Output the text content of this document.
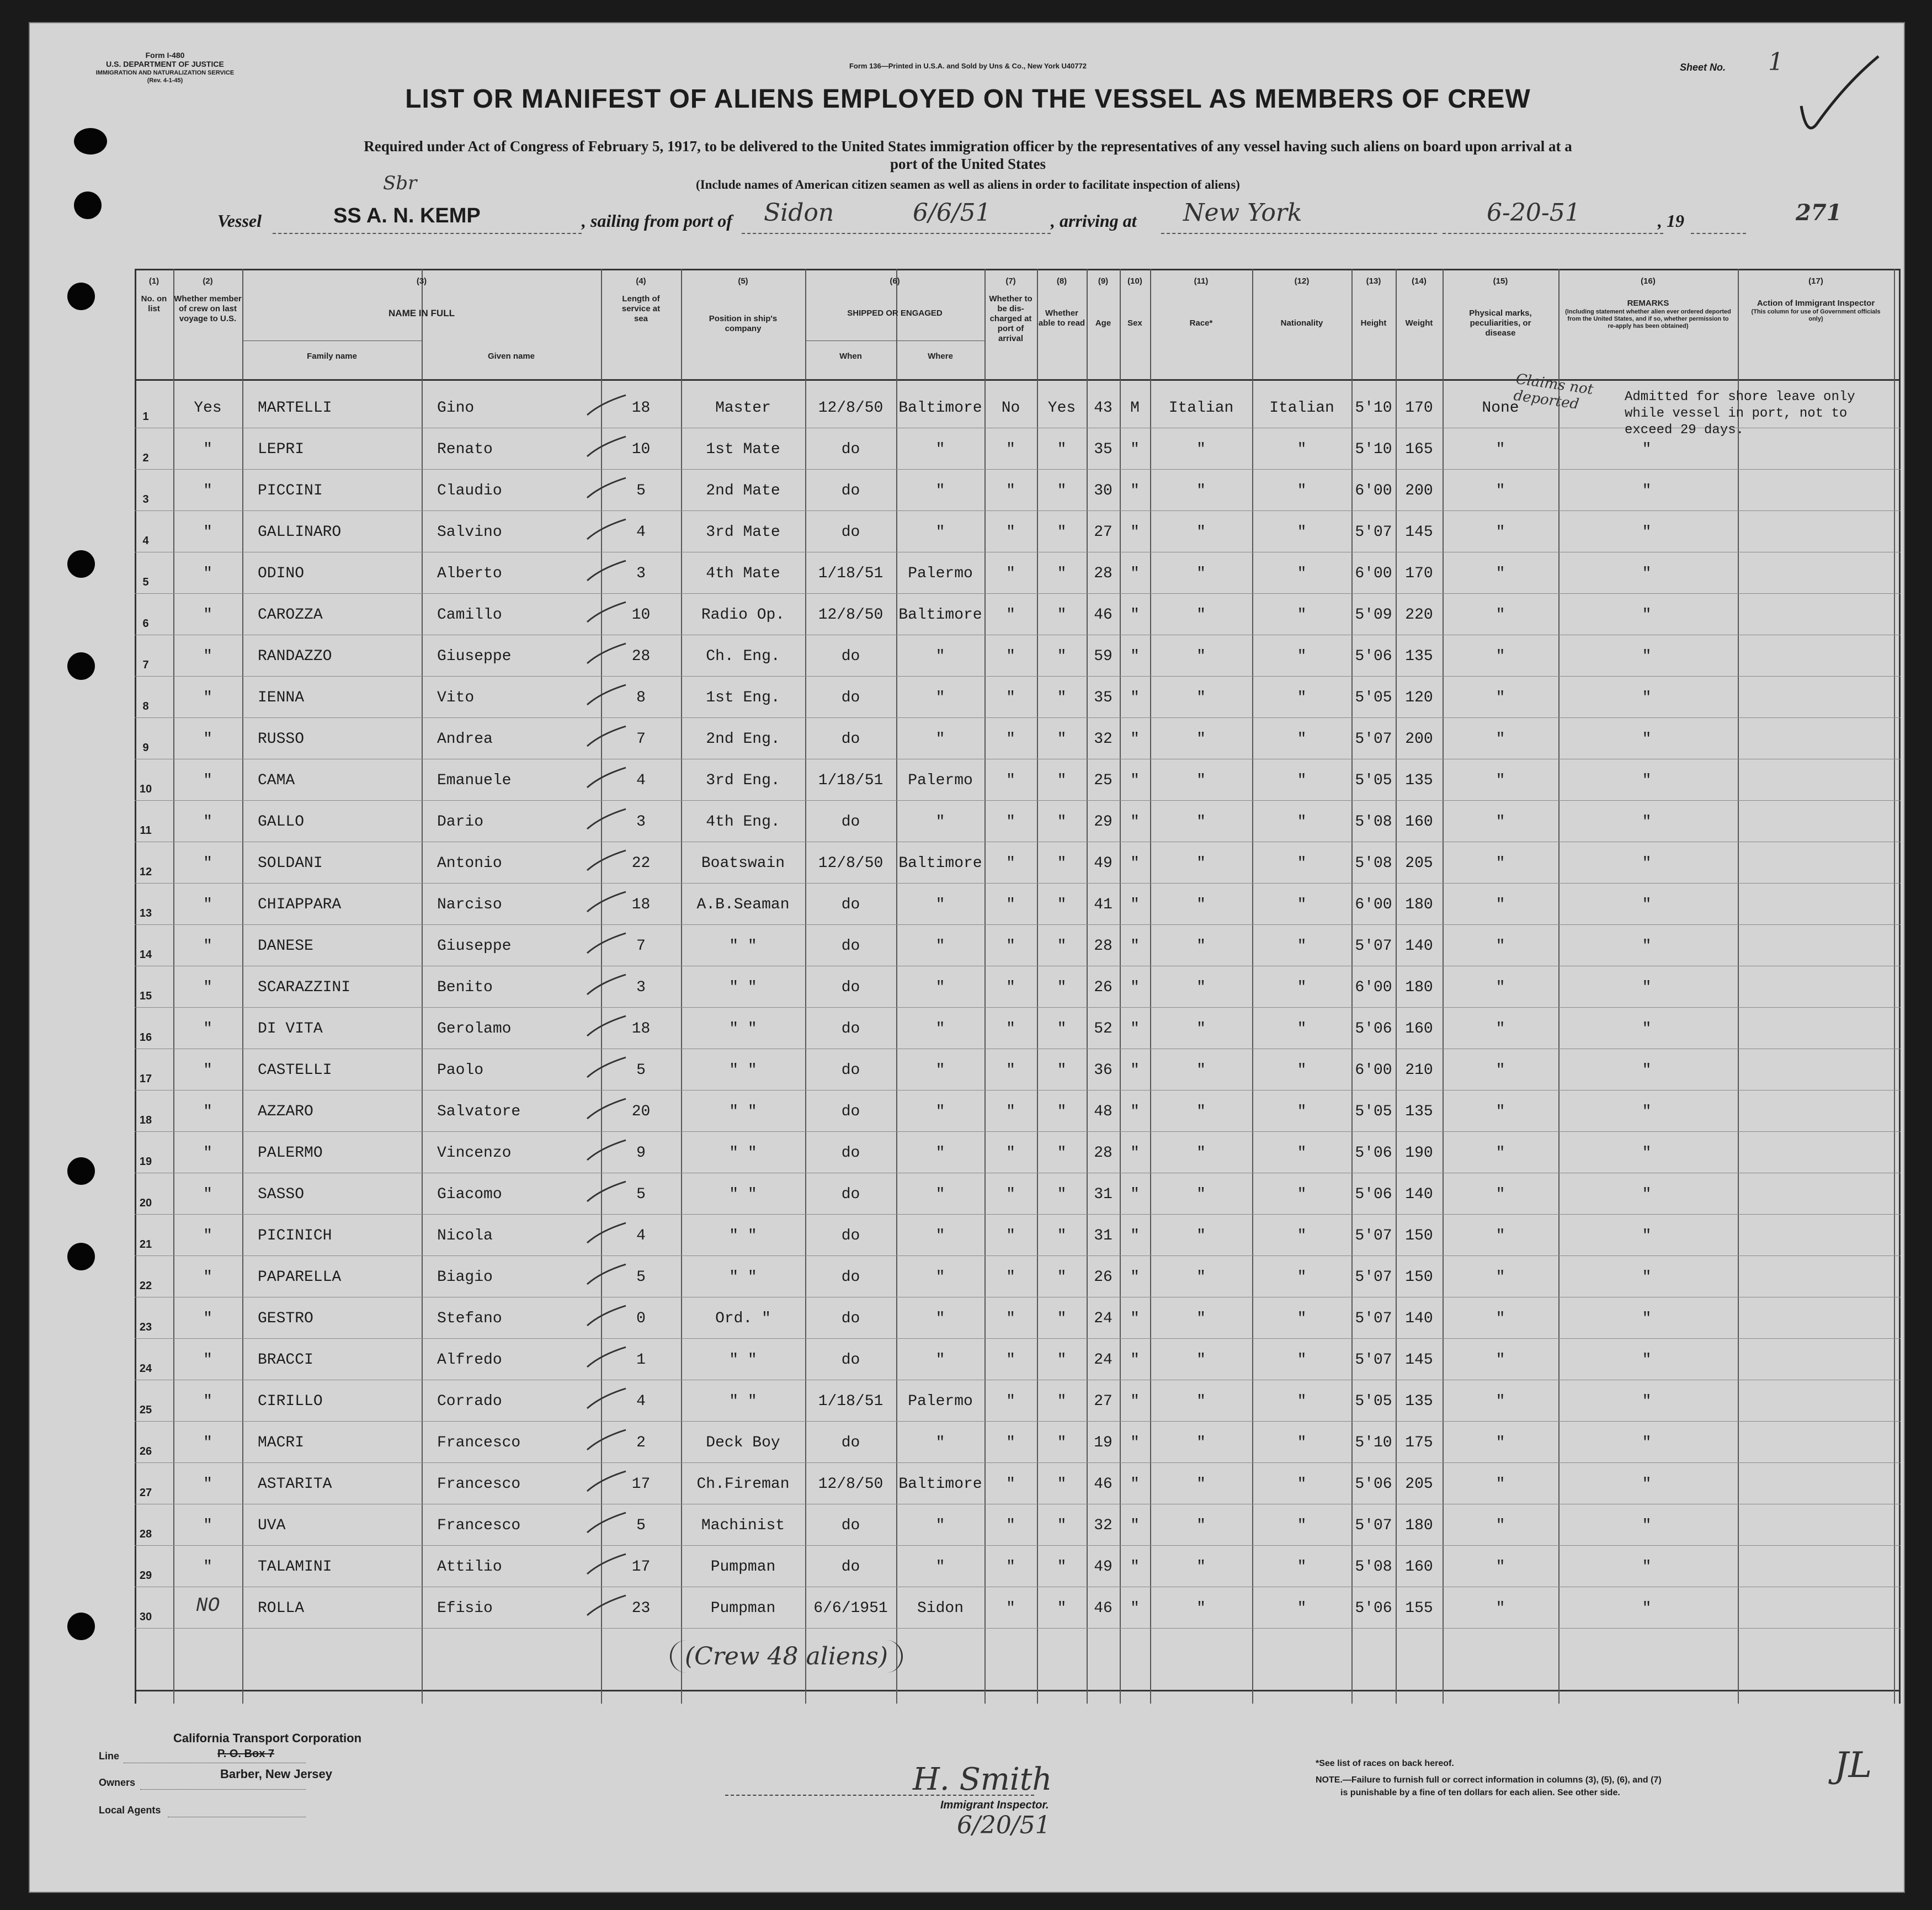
Form I-480
U.S. DEPARTMENT OF JUSTICE
IMMIGRATION AND NATURALIZATION SERVICE
(Rev. 4-1-45)
Form 136—Printed in U.S.A. and Sold by Uns & Co., New York U40772	Sheet No. 1
LIST OR MANIFEST OF ALIENS EMPLOYED ON THE VESSEL AS MEMBERS OF CREW
Required under Act of Congress of February 5, 1917, to be delivered to the United States immigration officer by the representatives of any vessel having such aliens on board upon arrival at a
port of the United States
(Include names of American citizen seamen as well as aliens in order to facilitate inspection of aliens)
Vessel	SS A. N. KEMP
Sbr
, sailing from port of Sidon	6/6/51	, arriving at New York	6-20-51	, 19	271
(1)
No. on list
(2)
Whether member of crew on last voyage to U.S.
(3)
NAME IN FULL
Family name	Given name
(4)
Length of service at sea
(5)
Position in ship's company
(6)
SHIPPED OR ENGAGED
When	Where
(7)
Whether to be dis- charged at port of arrival
(8)
Whether able to read
(9)
Age
(10)
Sex
(11)
Race*
(12)
Nationality
(13)
Height
(14)
Weight
(15)
Physical marks, peculiarities, or disease
(16)
REMARKS
(Including statement whether alien ever ordered deported from the United States, and if so, whether permission to re-apply has been obtained)
(17)
Action of Immigrant Inspector
(This column for use of Government officials only)
1	Yes	MARTELLI	Gino	18	Master	12/8/50	Baltimore	No	Yes	43	M	Italian	Italian	5'10 170	None
2	"	LEPRI	Renato	10	1st Mate	do	"	"	"	35	"	"	"	5'10 165	"	"
3	"	PICCINI	Claudio	5	2nd Mate	do	"	"	"	30	"	"	"	6'00 200	"	"
4	"	GALLINARO	Salvino	4	3rd Mate	do	"	"	"	27	"	"	"	5'07 145	"	"
5	"	ODINO	Alberto	3	4th Mate	1/18/51	Palermo	"	"	28	"	"	"	6'00 170	"	"
6	"	CAROZZA	Camillo	10	Radio Op.	12/8/50	Baltimore	"	"	46	"	"	"	5'09 220	"	"
7	"	RANDAZZO	Giuseppe	28	Ch. Eng.	do	"	"	"	59	"	"	"	5'06 135	"	"
8	"	IENNA	Vito	8	1st Eng.	do	"	"	"	35	"	"	"	5'05 120	"	"
9	"	RUSSO	Andrea	7	2nd Eng.	do	"	"	"	32	"	"	"	5'07 200	"	"
10	"	CAMA	Emanuele	4	3rd Eng.	1/18/51	Palermo	"	"	25	"	"	"	5'05 135	"	"
11	"	GALLO	Dario	3	4th Eng.	do	"	"	"	29	"	"	"	5'08 160	"	"
12	"	SOLDANI	Antonio	22	Boatswain	12/8/50	Baltimore	"	"	49	"	"	"	5'08 205	"	"
13	"	CHIAPPARA	Narciso	18	A.B.Seaman	do	"	"	"	41	"	"	"	6'00 180	"	"
14	"	DANESE	Giuseppe	7	" "	do	"	"	"	28	"	"	"	5'07 140	"	"
15	"	SCARAZZINI	Benito	3	" "	do	"	"	"	26	"	"	"	6'00 180	"	"
16	"	DI VITA	Gerolamo	18	" "	do	"	"	"	52	"	"	"	5'06 160	"	"
17	"	CASTELLI	Paolo	5	" "	do	"	"	"	36	"	"	"	6'00 210	"	"
18	"	AZZARO	Salvatore	20	" "	do	"	"	"	48	"	"	"	5'05 135	"	"
19	"	PALERMO	Vincenzo	9	" "	do	"	"	"	28	"	"	"	5'06 190	"	"
20	"	SASSO	Giacomo	5	" "	do	"	"	"	31	"	"	"	5'06 140	"	"
21	"	PICINICH	Nicola	4	" "	do	"	"	"	31	"	"	"	5'07 150	"	"
22	"	PAPARELLA	Biagio	5	" "	do	"	"	"	26	"	"	"	5'07 150	"	"
23	"	GESTRO	Stefano	0	Ord. "	do	"	"	"	24	"	"	"	5'07 140	"	"
24	"	BRACCI	Alfredo	1	" "	do	"	"	"	24	"	"	"	5'07 145	"	"
25	"	CIRILLO	Corrado	4	" "	1/18/51	Palermo	"	"	27	"	"	"	5'05 135	"	"
26	"	MACRI	Francesco	2	Deck Boy	do	"	"	"	19	"	"	"	5'10 175	"	"
27	"	ASTARITA	Francesco	17	Ch.Fireman	12/8/50	Baltimore	"	"	46	"	"	"	5'06 205	"	"
28	"	UVA	Francesco	5	Machinist	do	"	"	"	32	"	"	"	5'07 180	"	"
29	"	TALAMINI	Attilio	17	Pumpman	do	"	"	"	49	"	"	"	5'08 160	"	"
30	NO	ROLLA	Efisio	23	Pumpman	6/6/1951	Sidon	"	"	46	"	"	"	5'06 155	"	"
Admitted for shore leave only while vessel in port, not to exceed 29 days.
Claims not deported
(Crew 48 aliens)
California Transport Corporation
P. O. Box 7
Barber, New Jersey
Line
Owners
Local Agents
H. Smith
Immigrant Inspector.
6/20/51
*See list of races on back hereof.
NOTE.—Failure to furnish full or correct information in columns (3), (5), (6), and (7)
is punishable by a fine of ten dollars for each alien. See other side.
JL
